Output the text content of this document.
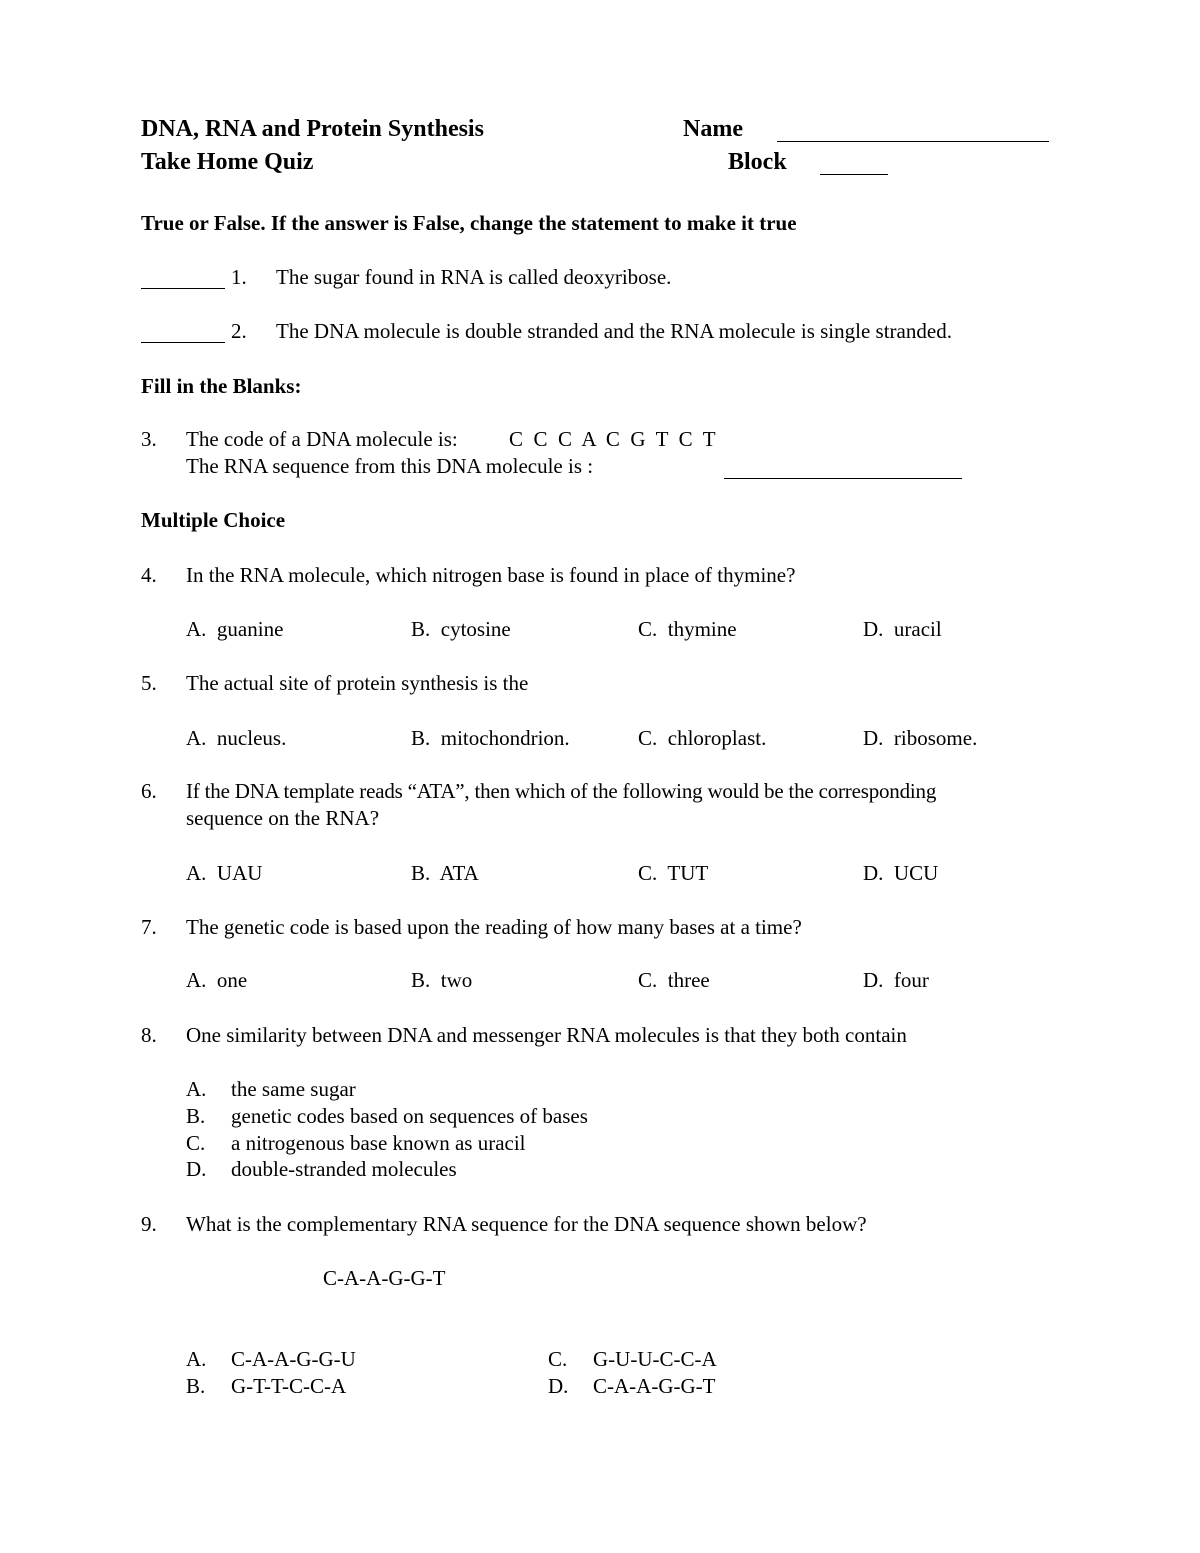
DNA, RNA and Protein Synthesis
Take Home Quiz
Name
Block
True or False. If the answer is False, change the statement to make it true
1. The sugar found in RNA is called deoxyribose.
2. The DNA molecule is double stranded and the RNA molecule is single stranded.
Fill in the Blanks:
3. The code of a DNA molecule is: C  C  C  A  C  G  T  C  T
The RNA sequence from this DNA molecule is :
Multiple Choice
4. In the RNA molecule, which nitrogen base is found in place of thymine?
A. guanine	B. cytosine	C. thymine	D. uracil
5. The actual site of protein synthesis is the
A. nucleus.	B. mitochondrion.	C. chloroplast.	D. ribosome.
6. If the DNA template reads “ATA”, then which of the following would be the corresponding
sequence on the RNA?
A. UAU	B. ATA	C. TUT	D. UCU
7. The genetic code is based upon the reading of how many bases at a time?
A. one	B. two	C. three	D. four
8. One similarity between DNA and messenger RNA molecules is that they both contain
A. the same sugar
B. genetic codes based on sequences of bases
C. a nitrogenous base known as uracil
D. double-stranded molecules
9. What is the complementary RNA sequence for the DNA sequence shown below?
C-A-A-G-G-T
A. C-A-A-G-G-U
B. G-T-T-C-C-A
C. G-U-U-C-C-A
D. C-A-A-G-G-T
